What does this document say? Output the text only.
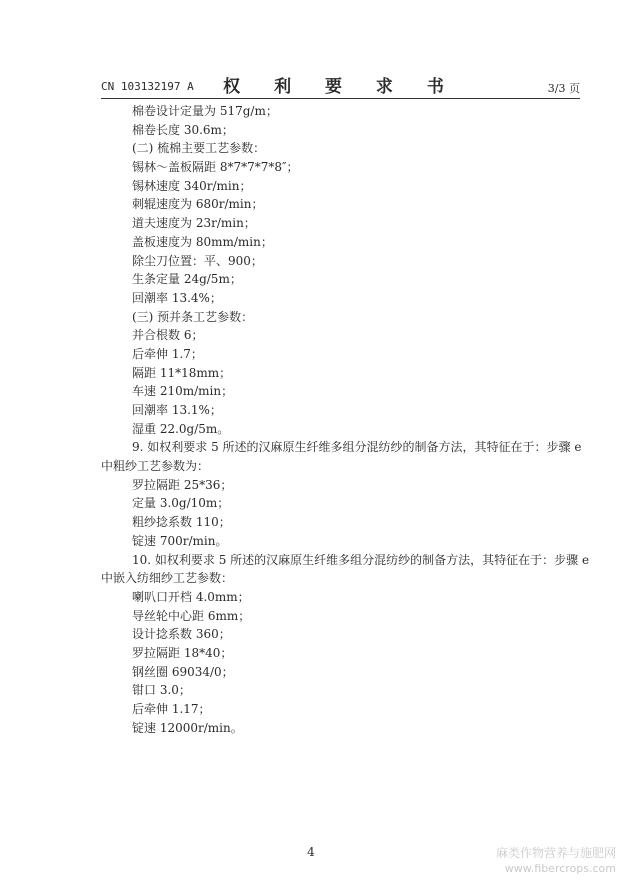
CN 103132197 A	权 利 要 求 书	3/3 页
棉卷设计定量为 517g/m；
棉卷长度 30.6m；
(二) 梳棉主要工艺参数：
锡林～盖板隔距 8*7*7*7*8″；
锡林速度 340r/min；
刺辊速度为 680r/min；
道夫速度为 23r/min；
盖板速度为 80mm/min；
除尘刀位置：平、900；
生条定量 24g/5m；
回潮率 13.4%；
(三) 预并条工艺参数：
并合根数 6；
后牵伸 1.7；
隔距 11*18mm；
车速 210m/min；
回潮率 13.1%；
湿重 22.0g/5m。
9. 如权利要求 5 所述的汉麻原生纤维多组分混纺纱的制备方法，其特征在于：步骤 e
中粗纱工艺参数为：
罗拉隔距 25*36；
定量 3.0g/10m；
粗纱捻系数 110；
锭速 700r/min。
10. 如权利要求 5 所述的汉麻原生纤维多组分混纺纱的制备方法，其特征在于：步骤 e
中嵌入纺细纱工艺参数：
喇叭口开档 4.0mm；
导丝轮中心距 6mm；
设计捻系数 360；
罗拉隔距 18*40；
钢丝圈 69034/0；
钳口 3.0；
后牵伸 1.17；
锭速 12000r/min。
4	麻类作物营养与施肥网
www.fibercrops.com
